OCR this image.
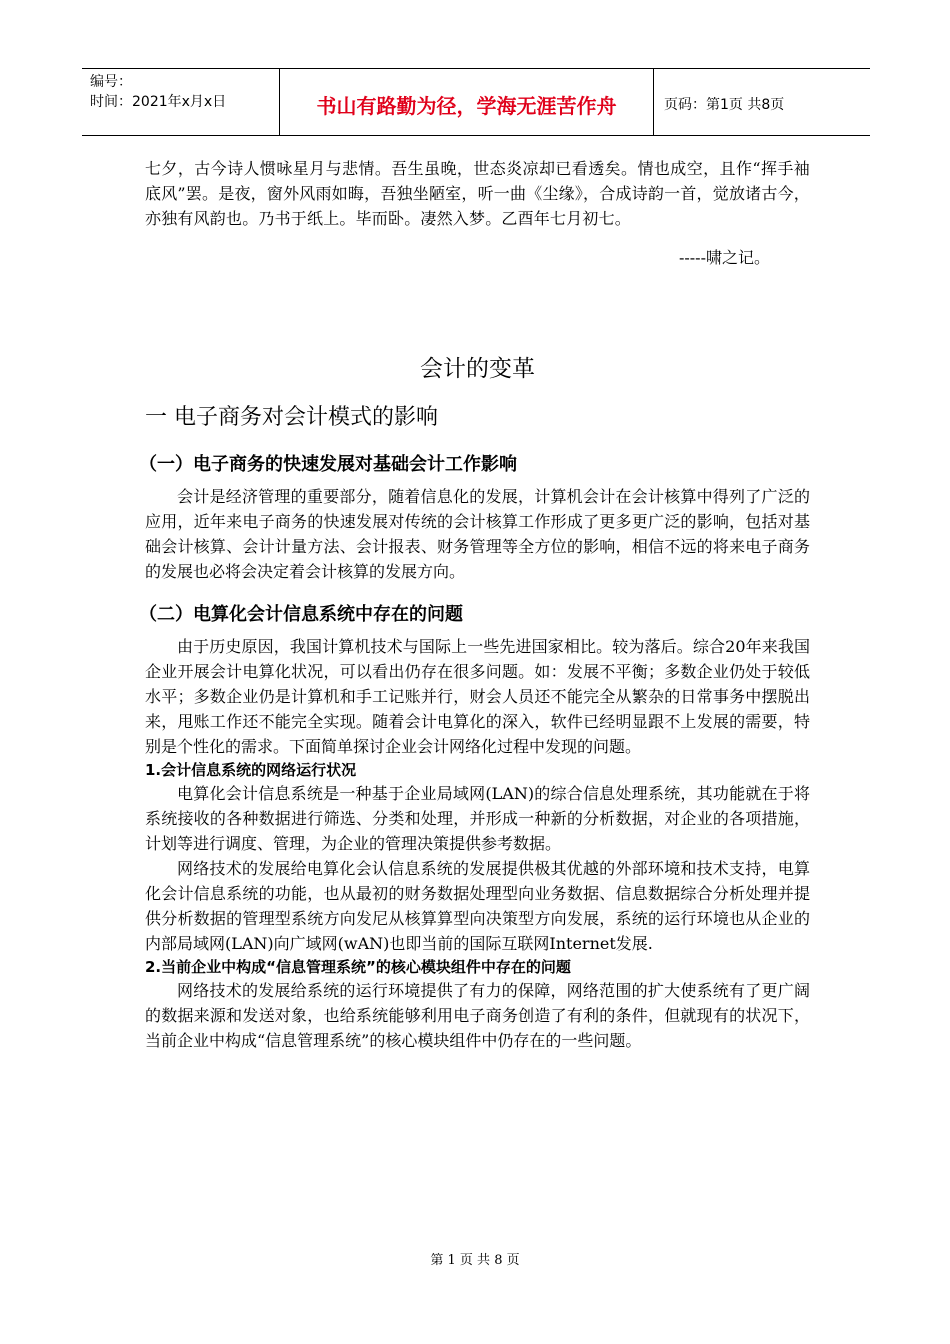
编号：
时间：2021年x月x日	书山有路勤为径，学海无涯苦作舟	页码：第1页 共8页

七夕，古今诗人惯咏星月与悲情。吾生虽晚，世态炎凉却已看透矣。情也成空，且作“挥手袖底风”罢。是夜，窗外风雨如晦，吾独坐陋室，听一曲《尘缘》，合成诗韵一首，觉放诸古今，亦独有风韵也。乃书于纸上。毕而卧。凄然入梦。乙酉年七月初七。

-----啸之记。
会计的变革
一 电子商务对会计模式的影响
（一）电子商务的快速发展对基础会计工作影响

会计是经济管理的重要部分，随着信息化的发展，计算机会计在会计核算中得列了广泛的应用，近年来电子商务的快速发展对传统的会计核算工作形成了更多更广泛的影响，包括对基础会计核算、会计计量方法、会计报表、财务管理等全方位的影响，相信不远的将来电子商务的发展也必将会决定着会计核算的发展方向。

（二）电算化会计信息系统中存在的问题

由于历史原因，我国计算机技术与国际上一些先进国家相比。较为落后。综合20年来我国企业开展会计电算化状况，可以看出仍存在很多问题。如：发展不平衡；多数企业仍处于较低水平；多数企业仍是计算机和手工记账并行，财会人员还不能完全从繁杂的日常事务中摆脱出来，甩账工作还不能完全实现。随着会计电算化的深入，软件已经明显跟不上发展的需要，特别是个性化的需求。下面简单探讨企业会计网络化过程中发现的问题。

1.会计信息系统的网络运行状况

电算化会计信息系统是一种基于企业局域网(LAN)的综合信息处理系统，其功能就在于将系统接收的各种数据进行筛选、分类和处理，并形成一种新的分析数据，对企业的各项措施，计划等进行调度、管理，为企业的管理决策提供参考数据。

网络技术的发展给电算化会认信息系统的发展提供极其优越的外部环境和技术支持，电算化会计信息系统的功能，也从最初的财务数据处理型向业务数据、信息数据综合分析处理并提供分析数据的管理型系统方向发尼从核算算型向决策型方向发展，系统的运行环境也从企业的内部局域网(LAN)向广域网(wAN)也即当前的国际互联网Internet发展.

2.当前企业中构成“信息管理系统”的核心模块组件中存在的问题

网络技术的发展给系统的运行环境提供了有力的保障，网络范围的扩大使系统有了更广阔的数据来源和发送对象，也给系统能够利用电子商务创造了有利的条件，但就现有的状况下，当前企业中构成“信息管理系统”的核心模块组件中仍存在的一些问题。

第 1 页 共 8 页
